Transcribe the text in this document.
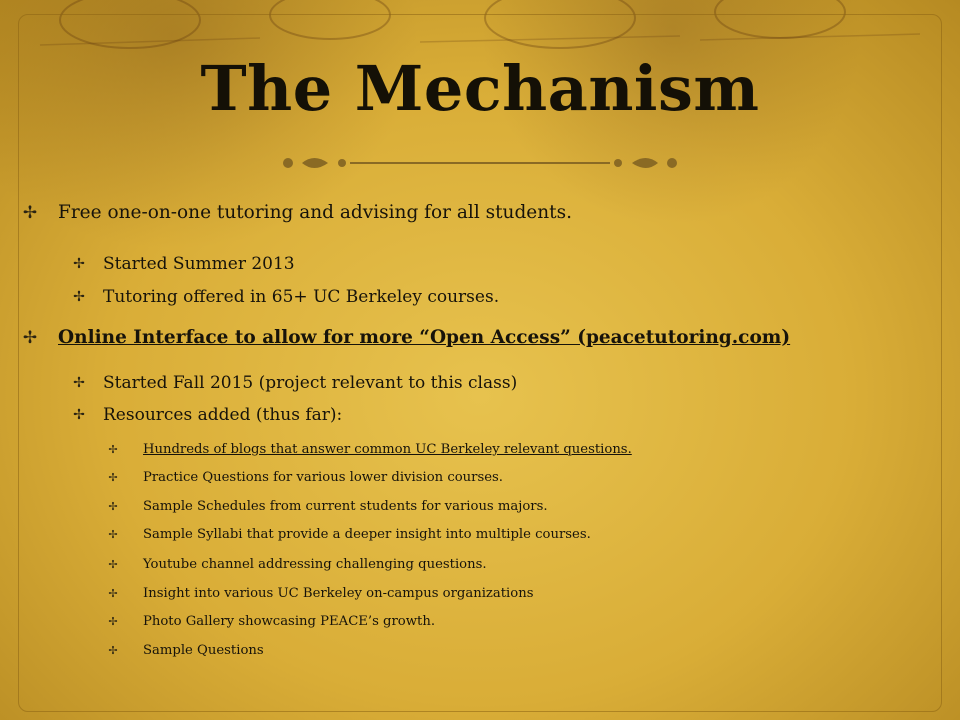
The Mechanism
✢ Free one-on-one tutoring and advising for all students.
✢ Started Summer 2013
✢ Tutoring offered in 65+ UC Berkeley courses.
✢ Online Interface to allow for more “Open Access” (peacetutoring.com)
✢ Started Fall 2015 (project relevant to this class)
✢ Resources added (thus far):
✢ Hundreds of blogs that answer common UC Berkeley relevant questions.
✢ Practice Questions for various lower division courses.
✢ Sample Schedules from current students for various majors.
✢ Sample Syllabi that provide a deeper insight into multiple courses.
✢ Youtube channel addressing challenging questions.
✢ Insight into various UC Berkeley on-campus organizations
✢ Photo Gallery showcasing PEACE’s growth.
✢ Sample Questions
